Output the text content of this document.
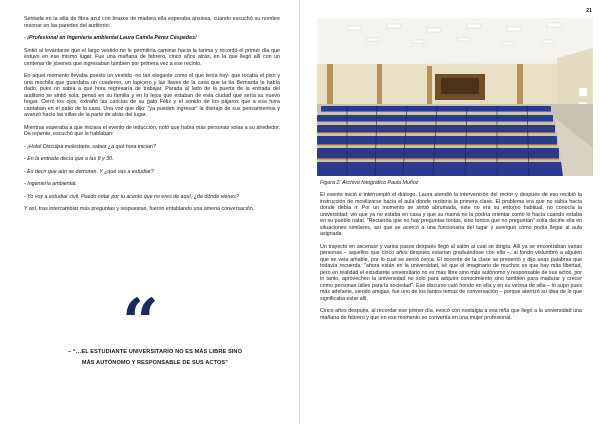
Sentada en la silla de fibra azul con brazos de madera ella esperaba ansiosa, cuando escuchó su nombre resonar en las paredes del auditorio:

- ¡Profesional en Ingeniería ambiental Laura Camila Pérez Céspedes!

Sintió al levantarse que el largo vestido no le permitiría caminar hacia la tarima y recordó el primer día que estuvo en ese mismo lugar. Fue una mañana de febrero, cinco años atrás, en la que llegó allí con un centenar de jóvenes que ingresaban también por primera vez a ese recinto.

En aquel momento llevaba puesto un vestido -no tan elegante como el que tenía hoy- que tocaba el piso y una mochila que guardaba un cuaderno, un lapicero y las llaves de la casa que la tía Bernarda le había dado, pues no sabía a qué hora regresaría de trabajar. Parada al lado de la puerta de la entrada del auditorio se sintió sola, pensó en su familia y en lo lejos que estaban de esta ciudad que sería su nuevo hogar. Cerró los ojos, extrañó las caricias de su gato Félix y el sonido de los pájaros que a esa hora cantaban en el patio de la casa. Una voz que dijo: "ya pueden ingresar" la distrajo de sus pensamientos y avanzó hacia las sillas de la parte de atrás del lugar.

Mientras esperaba a que iniciara el evento de inducción, notó que había más personas solas a su alrededor. De repente, escuchó que le hablaban:

- ¡Hola! Disculpa molestarte, sabes ¿a qué hora inician?

- En la entrada decía que a las 8 y 30.

- Es decir que aún se demoran. Y ¿qué vas a estudiar?

- Ingeniería ambiental.

- Yo voy a estudiar civil. Puedo notar por tu acento que no eres de aquí, ¿de dónde vienes?

Y así, tras intercambiar más preguntas y respuestas, fueron entablando una amena conversación.

“
– “…EL ESTUDIANTE UNIVERSITARIO NO ES MÁS LIBRE SINO MÁS AUTÓNOMO Y RESPONSABLE DE SUS ACTOS”
21
Figura 2. Archivo fotográfico Paula Muñoz

El evento inició e interrumpió el diálogo. Laura atendió la intervención del rector y después de eso recibió la instrucción de movilizarse hacia el aula donde recibiría la primera clase. El problema era que no sabía hacia donde debía ir. Por un momento se sintió abrumada, este no era su entorno habitual, no conocía la universidad; vio que ya no estaba en casa y que su mamá no la podría orientar como lo hacía cuando estaba en su pueblo natal. "Recuerda que no hay preguntas tontas, sino tontos que no preguntan" solía decirle ella en situaciones similares, así que se acercó a una funcionaria del lugar y averiguó cómo podía llegar al aula asignada.

Un trayecto en ascensor y varios pasos después llegó al salón al cual se dirigía. Allí ya se encontraban varias personas – aquellos que cinco años después estarían graduándose con ella –, al fondo vislumbró a alguien que se veía amable, por lo cual se sentó cerca. El docente de la clase se presentó y dijo unas palabras que todavía recuerda: "ahora están en la universidad, sé que el imaginario de muchos es que hay más libertad, pero en realidad el estudiante universitario no es más libre sino más autónomo y responsable de sus actos, por lo tanto, aprovechen la universidad no solo para adquirir conocimiento sino también para madurar y crecer como personas útiles para la sociedad". Ese discurso caló hondo en ella y en su vecina de silla – lo supo pues más adelante, siendo amigas, fue uno de los tantos temas de conversación – porque aterrizó su idea de lo que significaba estar allí.

Cinco años después, al recordar ese primer día, evocó con nostalgia a esa niña que llegó a la universidad una mañana de febrero y que en ese momento se convertía en una mujer profesional.
